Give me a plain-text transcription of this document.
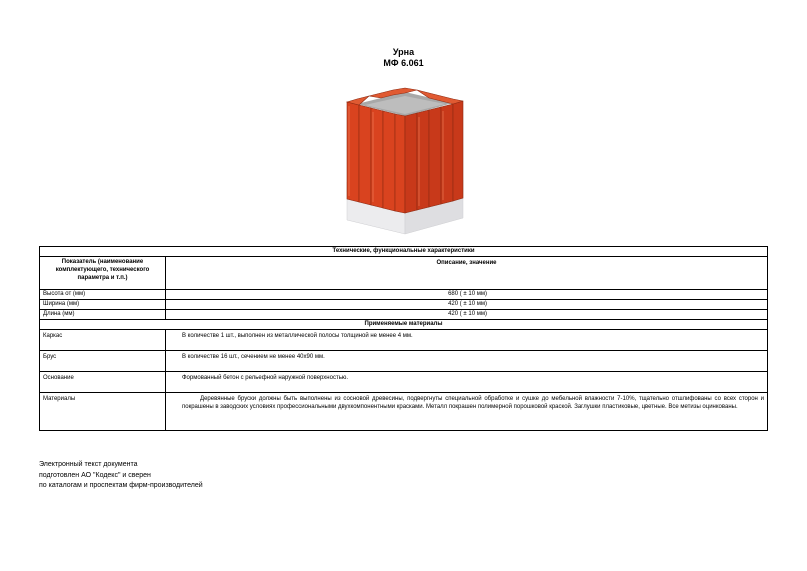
Урна
МФ 6.061
Технические, функциональные характеристики	
Показатель (наименование комплектующего, технического параметра и т.п.)	Описание, значение
Высота от (мм)	680 ( ± 10 мм)
Ширина (мм)	420 ( ± 10 мм)
Длина (мм)	420 ( ± 10 мм)
Применяемые материалы	
Каркас	В количестве 1 шт., выполнен из металлической полосы толщиной не менее 4 мм.
Брус	В количестве 16 шт., сечением не менее 40х90 мм.
Основание	Формованный бетон с рельефной наружной поверхностью.
Материалы	Деревянные бруски должны быть выполнены из сосновой древесины, подвергнуты специальной обработке и сушке до мебельной влажности 7-10%, тщательно отшлифованы со всех сторон и покрашены в заводских условиях профессиональными двухкомпонентными красками. Металл покрашен полимерной порошковой краской. Заглушки пластиковые, цветные. Все метизы оцинкованы.

Электронный текст документа
подготовлен АО "Кодекс" и сверен
по каталогам и проспектам фирм-производителей
